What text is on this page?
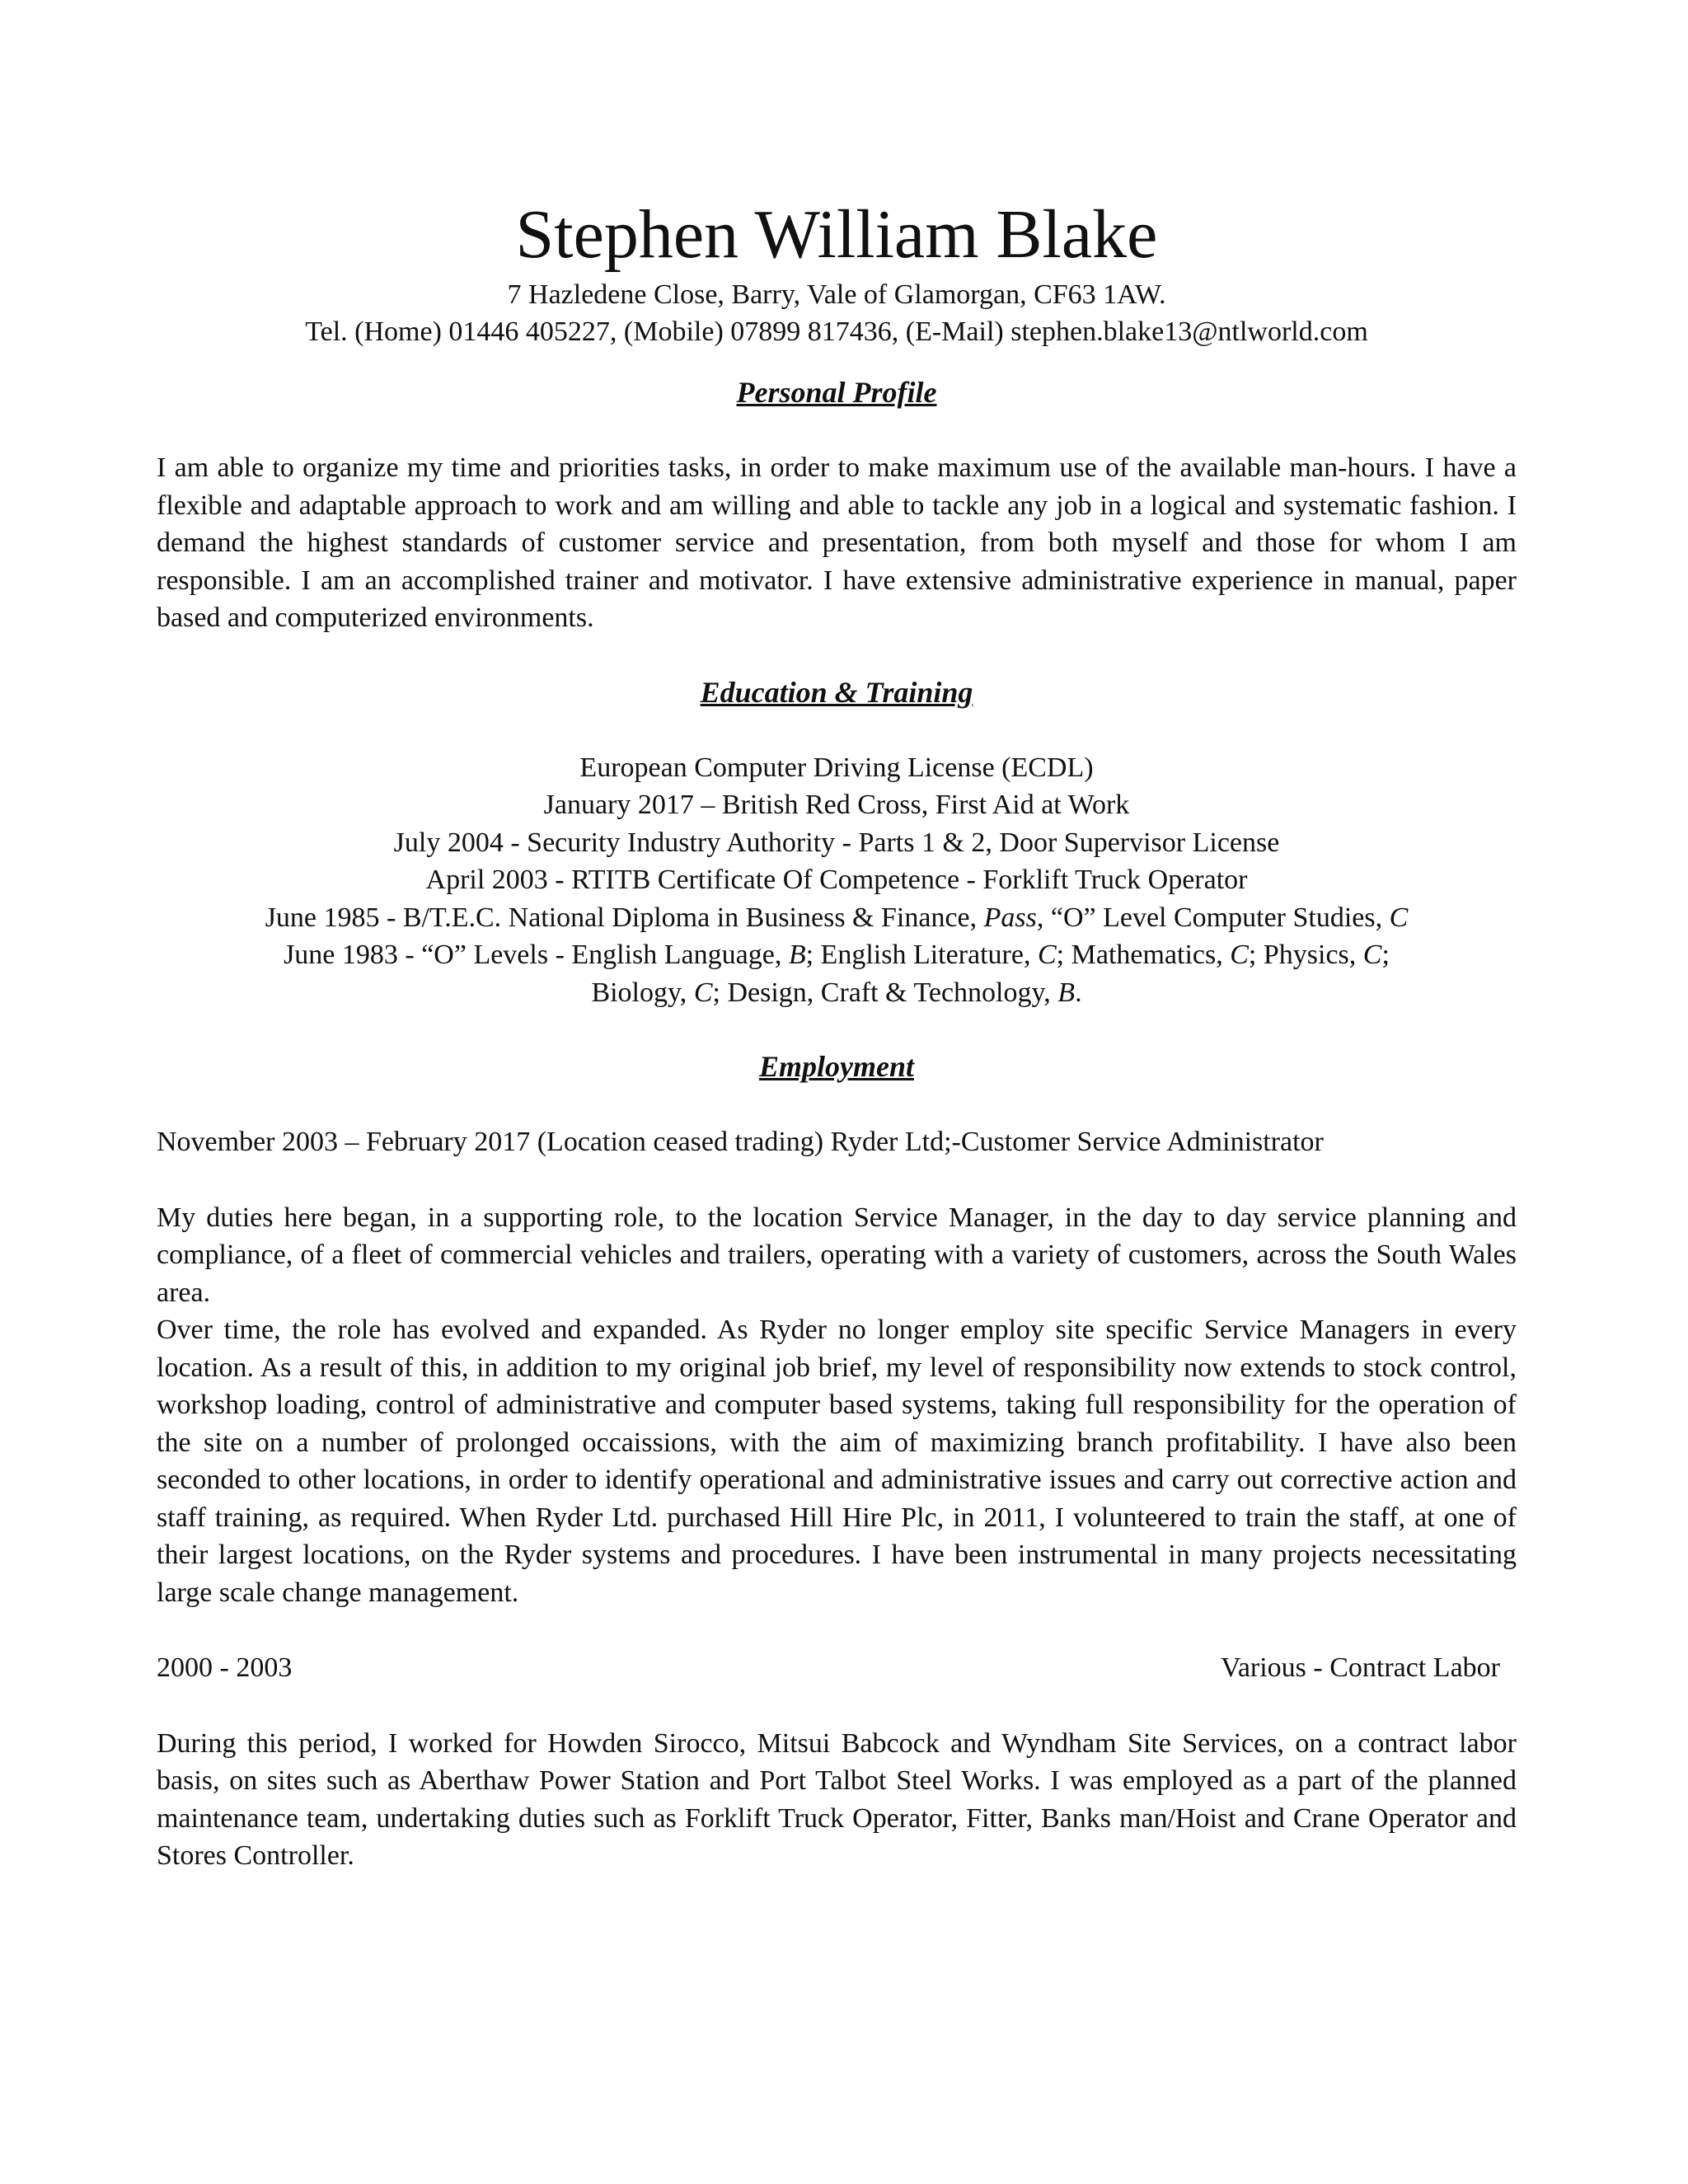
Stephen William Blake
7 Hazledene Close, Barry, Vale of Glamorgan, CF63 1AW.
Tel. (Home) 01446 405227, (Mobile) 07899 817436, (E-Mail) stephen.blake13@ntlworld.com
Personal Profile

I am able to organize my time and priorities tasks, in order to make maximum use of the available man-hours. I have a flexible and adaptable approach to work and am willing and able to tackle any job in a logical and systematic fashion. I demand the highest standards of customer service and presentation, from both myself and those for whom I am responsible. I am an accomplished trainer and motivator. I have extensive administrative experience in manual, paper based and computerized environments.

Education & Training
European Computer Driving License (ECDL)
January 2017 – British Red Cross, First Aid at Work
July 2004 - Security Industry Authority - Parts 1 & 2, Door Supervisor License
April 2003 - RTITB Certificate Of Competence - Forklift Truck Operator
June 1985 - B/T.E.C. National Diploma in Business & Finance, Pass, “O” Level Computer Studies, C
June 1983 - “O” Levels - English Language, B; English Literature, C; Mathematics, C; Physics, C;
Biology, C; Design, Craft & Technology, B.
Employment
November 2003 – February 2017 (Location ceased trading) Ryder Ltd;-Customer Service Administrator

My duties here began, in a supporting role, to the location Service Manager, in the day to day service planning and compliance, of a fleet of commercial vehicles and trailers, operating with a variety of customers, across the South Wales area.

Over time, the role has evolved and expanded. As Ryder no longer employ site specific Service Managers in every location. As a result of this, in addition to my original job brief, my level of responsibility now extends to stock control, workshop loading, control of administrative and computer based systems, taking full responsibility for the operation of the site on a number of prolonged occaissions, with the aim of maximizing branch profitability. I have also been seconded to other locations, in order to identify operational and administrative issues and carry out corrective action and staff training, as required. When Ryder Ltd. purchased Hill Hire Plc, in 2011, I volunteered to train the staff, at one of their largest locations, on the Ryder systems and procedures. I have been instrumental in many projects necessitating large scale change management.

2000 - 2003	Various - Contract Labor

During this period, I worked for Howden Sirocco, Mitsui Babcock and Wyndham Site Services, on a contract labor basis, on sites such as Aberthaw Power Station and Port Talbot Steel Works. I was employed as a part of the planned maintenance team, undertaking duties such as Forklift Truck Operator, Fitter, Banks man/Hoist and Crane Operator and Stores Controller.
